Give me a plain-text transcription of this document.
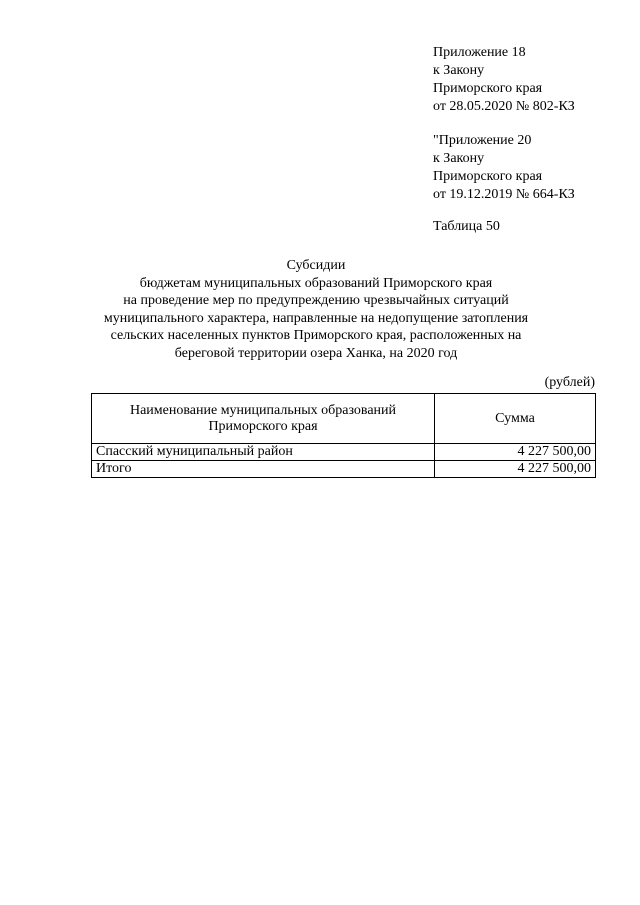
Приложение 18
к Закону
Приморского края
от 28.05.2020 № 802-КЗ
"Приложение 20
к Закону
Приморского края
от 19.12.2019 № 664-КЗ
Таблица 50
Субсидии
бюджетам муниципальных образований Приморского края
на проведение мер по предупреждению чрезвычайных ситуаций
муниципального характера, направленные на недопущение затопления
сельских населенных пунктов Приморского края, расположенных на
береговой территории озера Ханка, на 2020 год
(рублей)
Наименование муниципальных образований
Приморского края	Сумма
Спасский муниципальный район	4 227 500,00
Итого	4 227 500,00
